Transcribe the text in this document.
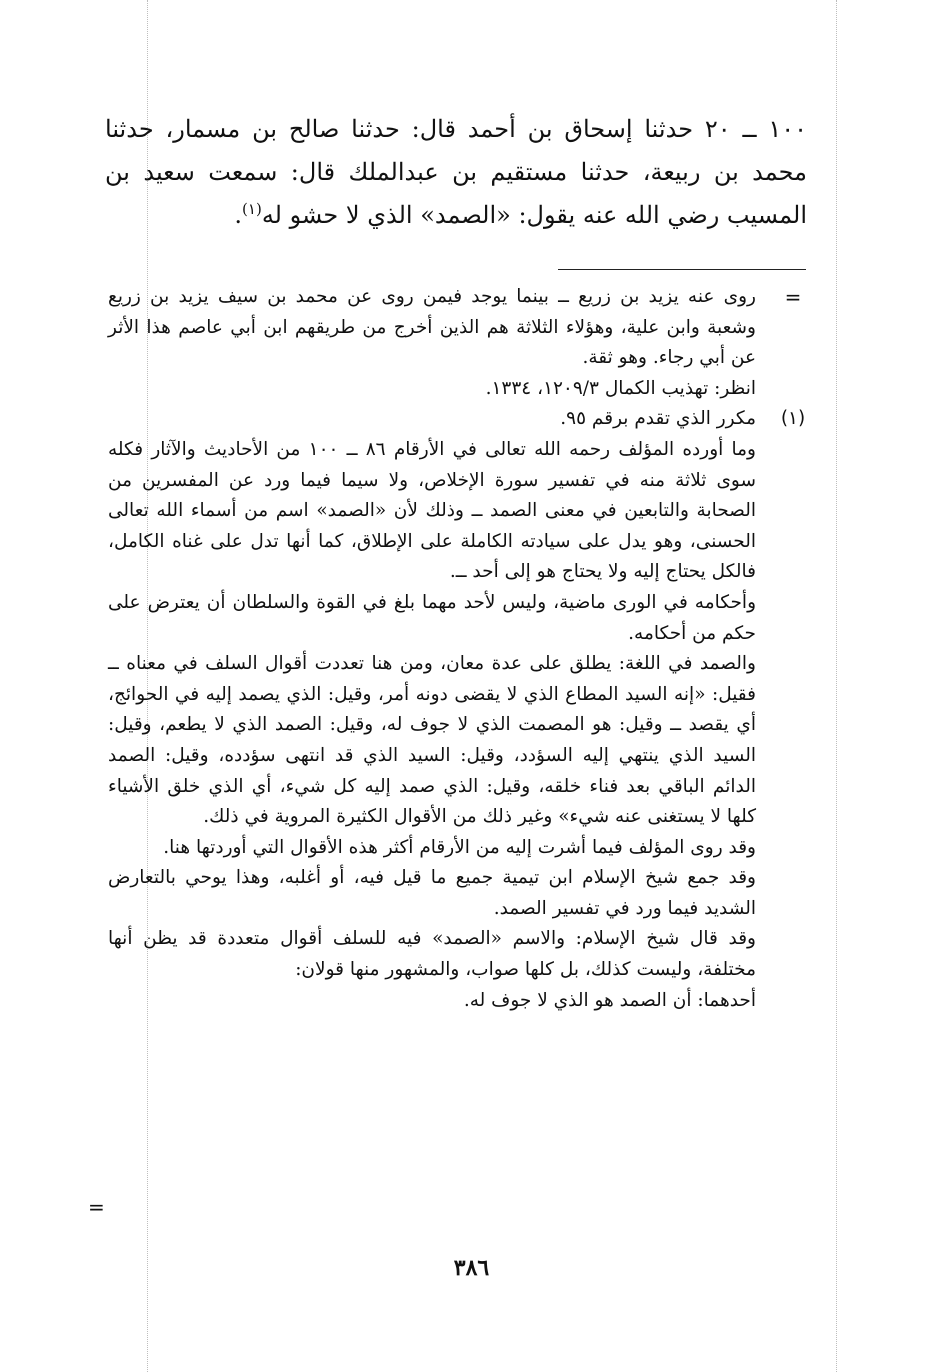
١٠٠ ــ ٢٠ حدثنا إسحاق بن أحمد قال: حدثنا صالح بن مسمار، حدثنا محمد بن ربيعة، حدثنا مستقيم بن عبدالملك قال: سمعت سعيد بن المسيب رضي الله عنه يقول: «الصمد» الذي لا حشو له$^{(١)}$.

=
روى عنه يزيد بن زريع ــ بينما يوجد فيمن روى عن محمد بن سيف يزيد بن زريع وشعبة وابن علية، وهؤلاء الثلاثة هم الذين أخرج من طريقهم ابن أبي عاصم هذا الأثر عن أبي رجاء. وهو ثقة.

انظر: تهذيب الكمال ١٢٠٩/٣، ١٣٣٤.

(١)
مكرر الذي تقدم برقم ٩٥.

وما أورده المؤلف رحمه الله تعالى في الأرقام ٨٦ ــ ١٠٠ من الأحاديث والآثار فكله سوى ثلاثة منه في تفسير سورة الإخلاص، ولا سيما فيما ورد عن المفسرين من الصحابة والتابعين في معنى الصمد ــ وذلك لأن «الصمد» اسم من أسماء الله تعالى الحسنى، وهو يدل على سيادته الكاملة على الإطلاق، كما أنها تدل على غناه الكامل، فالكل يحتاج إليه ولا يحتاج هو إلى أحد ــ.

وأحكامه في الورى ماضية، وليس لأحد مهما بلغ في القوة والسلطان أن يعترض على حكم من أحكامه.

والصمد في اللغة: يطلق على عدة معان، ومن هنا تعددت أقوال السلف في معناه ــ فقيل: «إنه السيد المطاع الذي لا يقضى دونه أمر، وقيل: الذي يصمد إليه في الحوائج، أي يقصد ــ وقيل: هو المصمت الذي لا جوف له، وقيل: الصمد الذي لا يطعم، وقيل: السيد الذي ينتهي إليه السؤدد، وقيل: السيد الذي قد انتهى سؤدده، وقيل: الصمد الدائم الباقي بعد فناء خلقه، وقيل: الذي صمد إليه كل شيء، أي الذي خلق الأشياء كلها لا يستغنى عنه شيء» وغير ذلك من الأقوال الكثيرة المروية في ذلك.

وقد روى المؤلف فيما أشرت إليه من الأرقام أكثر هذه الأقوال التي أوردتها هنا.

وقد جمع شيخ الإسلام ابن تيمية جميع ما قيل فيه، أو أغلبه، وهذا يوحي بالتعارض الشديد فيما ورد في تفسير الصمد.

وقد قال شيخ الإسلام: والاسم «الصمد» فيه للسلف أقوال متعددة قد يظن أنها مختلفة، وليست كذلك، بل كلها صواب، والمشهور منها قولان:

أحدهما: أن الصمد هو الذي لا جوف له.

=
٣٨٦
